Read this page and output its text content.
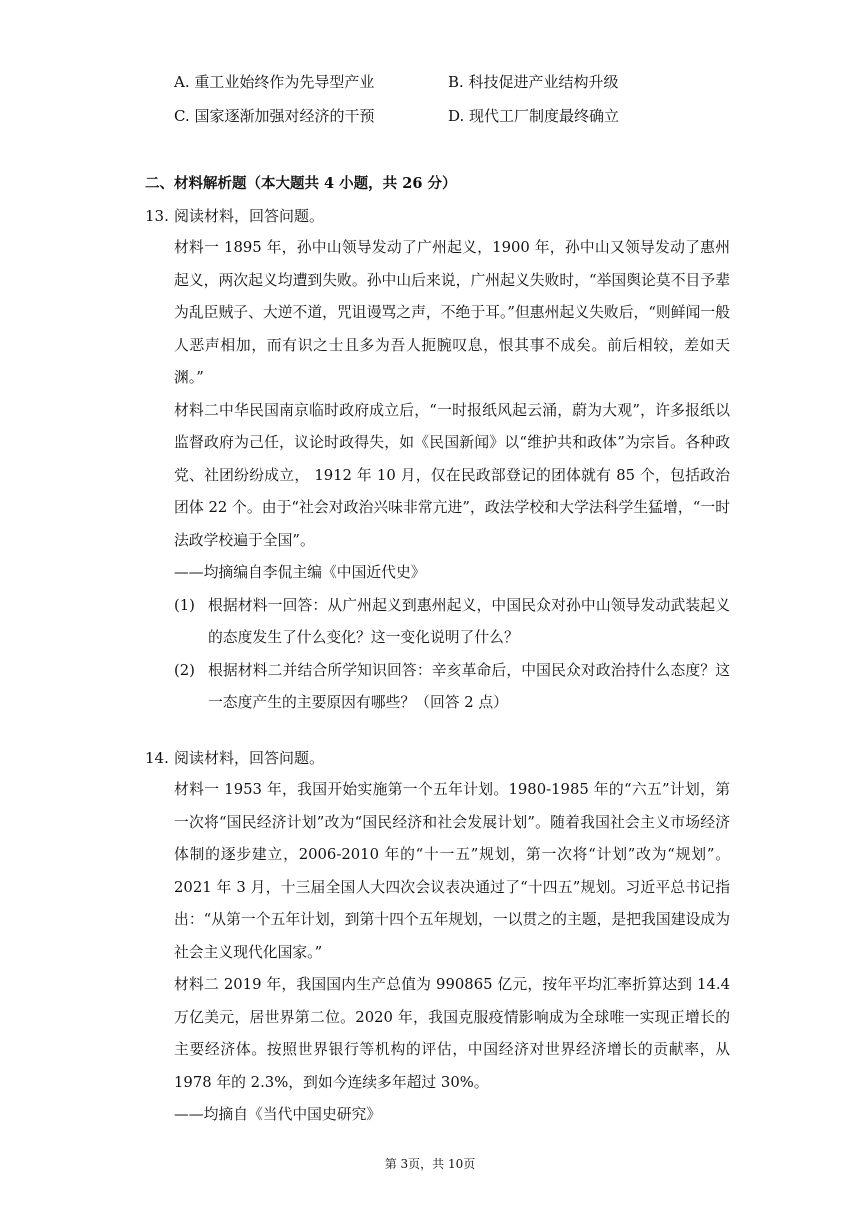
A. 重工业始终作为先导型产业	B. 科技促进产业结构升级
C. 国家逐渐加强对经济的干预	D. 现代工厂制度最终确立
二、材料解析题（本大题共 4 小题，共 26 分）
13. 阅读材料，回答问题。

材料一 1895 年，孙中山领导发动了广州起义，1900 年，孙中山又领导发动了惠州起义，两次起义均遭到失败。孙中山后来说，广州起义失败时，“举国舆论莫不目予辈为乱臣贼子、大逆不道，咒诅谩骂之声，不绝于耳。”但惠州起义失败后，“则鲜闻一般人恶声相加，而有识之士且多为吾人扼腕叹息，恨其事不成矣。前后相较，差如天渊。”

材料二中华民国南京临时政府成立后，“一时报纸风起云涌，蔚为大观”，许多报纸以监督政府为己任，议论时政得失，如《民国新闻》以“维护共和政体”为宗旨。各种政党、社团纷纷成立， 1912 年 10 月，仅在民政部登记的团体就有 85 个，包括政治团体 22 个。由于“社会对政治兴味非常亢进”，政法学校和大学法科学生猛增，“一时法政学校遍于全国”。

——均摘编自李侃主编《中国近代史》

(1) 根据材料一回答：从广州起义到惠州起义，中国民众对孙中山领导发动武装起义的态度发生了什么变化？这一变化说明了什么？
(2) 根据材料二并结合所学知识回答：辛亥革命后，中国民众对政治持什么态度？这一态度产生的主要原因有哪些？（回答 2 点）
14. 阅读材料，回答问题。

材料一 1953 年，我国开始实施第一个五年计划。1980-1985 年的“六五”计划，第一次将“国民经济计划”改为“国民经济和社会发展计划”。随着我国社会主义市场经济体制的逐步建立，2006-2010 年的“十一五”规划，第一次将“计划”改为“规划”。2021 年 3 月，十三届全国人大四次会议表决通过了“十四五”规划。习近平总书记指出：“从第一个五年计划，到第十四个五年规划，一以贯之的主题，是把我国建设成为社会主义现代化国家。”

材料二 2019 年，我国国内生产总值为 990865 亿元，按年平均汇率折算达到 14.4 万亿美元，居世界第二位。2020 年，我国克服疫情影响成为全球唯一实现正增长的主要经济体。按照世界银行等机构的评估，中国经济对世界经济增长的贡献率，从 1978 年的 2.3%，到如今连续多年超过 30%。

——均摘自《当代中国史研究》

第 3页，共 10页
